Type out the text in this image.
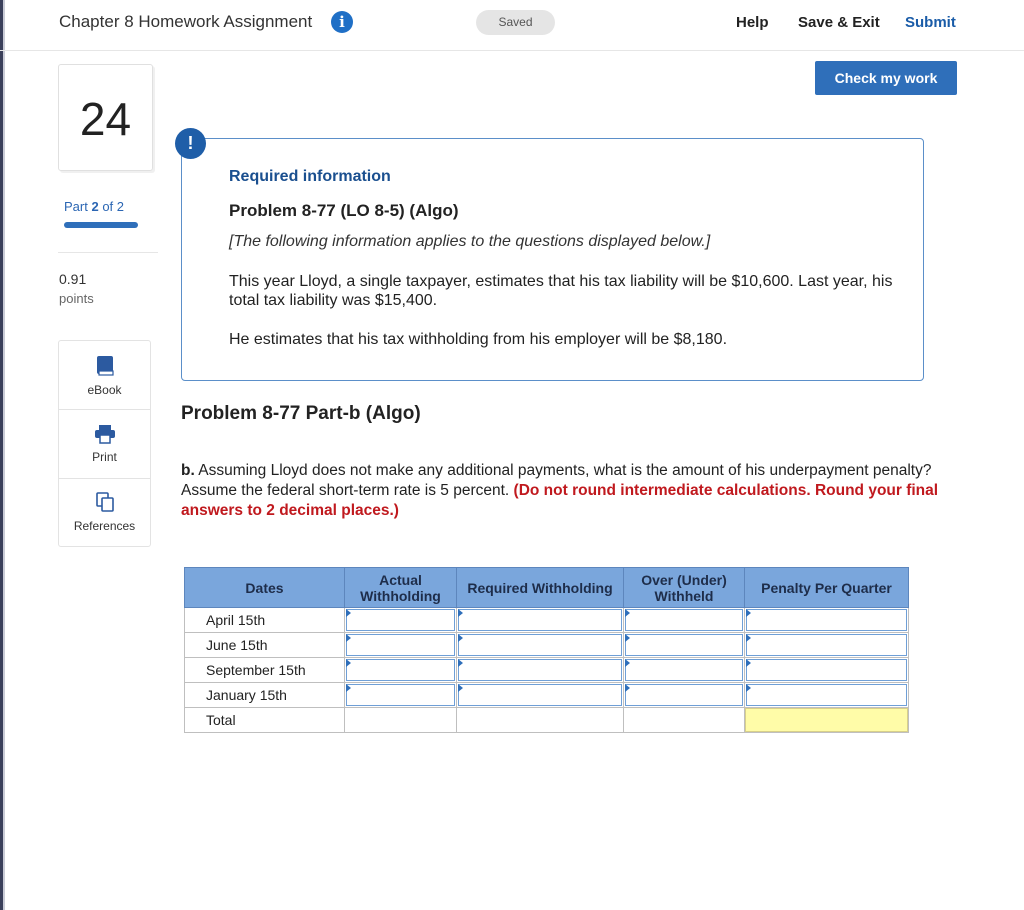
Chapter 8 Homework Assignment	i	Saved	Help Save & Exit Submit
Check my work
24
Part 2 of 2
0.91
points
eBook
Print
References
!
Required information
Problem 8-77 (LO 8-5) (Algo)
[The following information applies to the questions displayed below.]
This year Lloyd, a single taxpayer, estimates that his tax liability will be $10,600. Last year, his total tax liability was $15,400.
He estimates that his tax withholding from his employer will be $8,180.
Problem 8-77 Part-b (Algo)
b. Assuming Lloyd does not make any additional payments, what is the amount of his underpayment penalty? Assume the federal short-term rate is 5 percent. (Do not round intermediate calculations. Round your final answers to 2 decimal places.)
Dates	Actual Withholding	Required Withholding	Over (Under) Withheld	Penalty Per Quarter
April 15th	

June 15th	

September 15th	

January 15th	

Total				
